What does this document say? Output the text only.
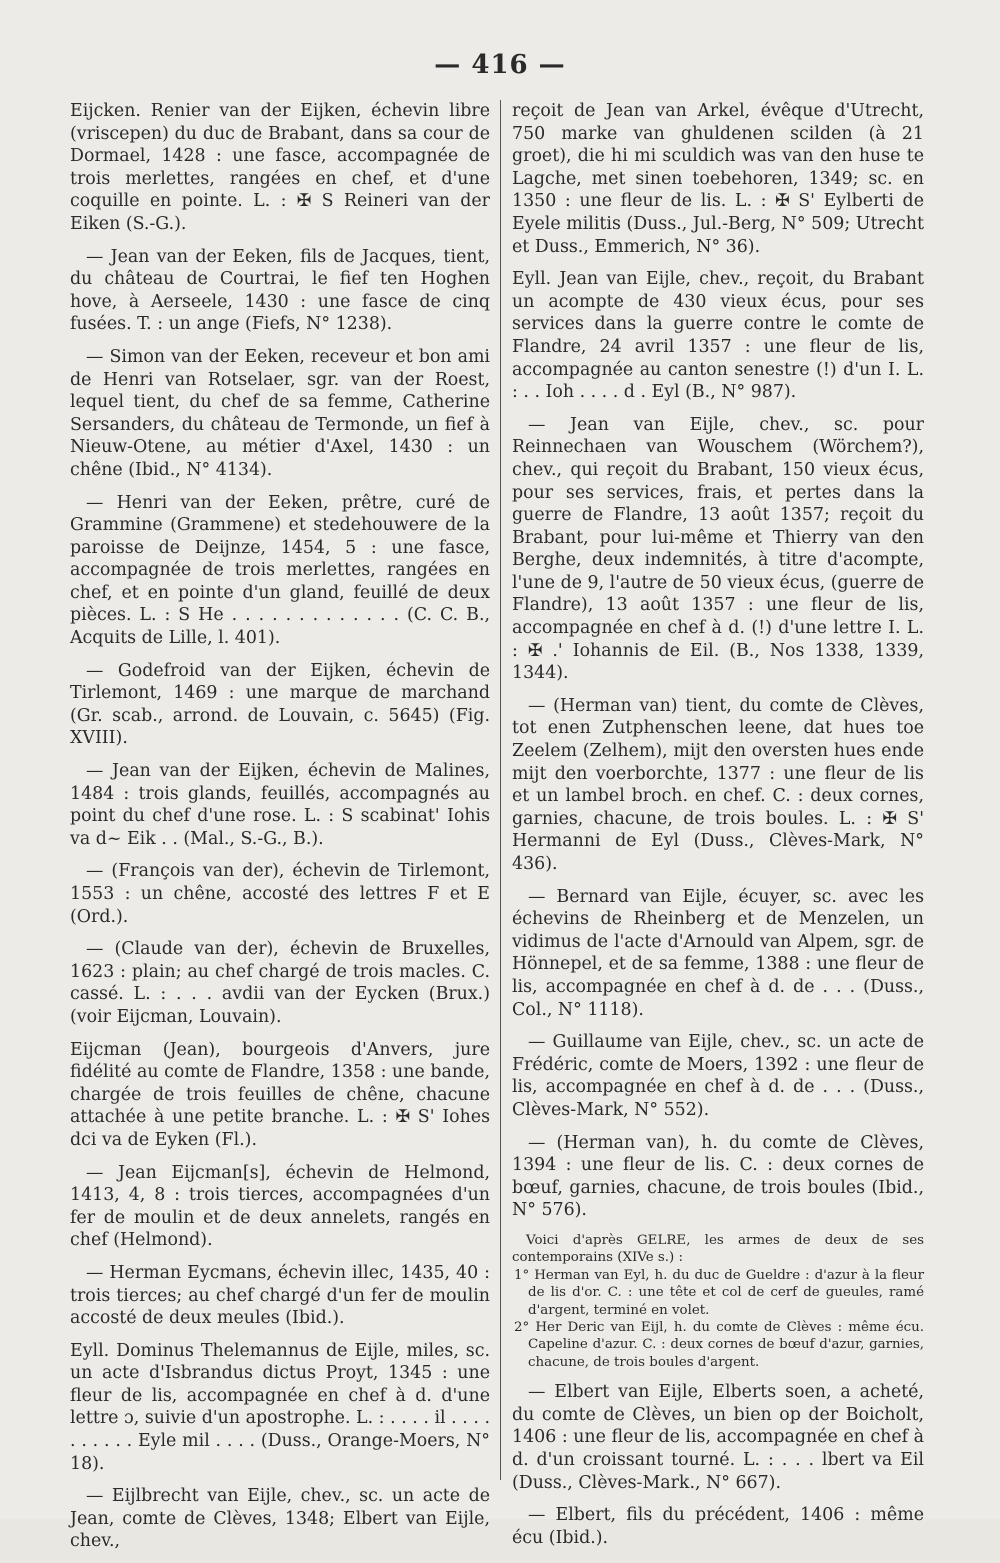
— 416 —

Eijcken. Renier van der Eijken, échevin libre (vriscepen) du duc de Brabant, dans sa cour de Dormael, 1428 : une fasce, accompagnée de trois merlettes, rangées en chef, et d'une coquille en pointe. L. : ✠ S Reineri van der Eiken (S.-G.).

— Jean van der Eeken, fils de Jacques, tient, du château de Courtrai, le fief ten Hoghen hove, à Aerseele, 1430 : une fasce de cinq fusées. T. : un ange (Fiefs, N° 1238).

— Simon van der Eeken, receveur et bon ami de Henri van Rotselaer, sgr. van der Roest, lequel tient, du chef de sa femme, Catherine Sersanders, du château de Termonde, un fief à Nieuw-Otene, au métier d'Axel, 1430 : un chêne (Ibid., N° 4134).

— Henri van der Eeken, prêtre, curé de Grammine (Grammene) et stedehouwere de la paroisse de Deijnze, 1454, 5 : une fasce, accompagnée de trois merlettes, rangées en chef, et en pointe d'un gland, feuillé de deux pièces. L. : S He . . . . . . . . . . . . . (C. C. B., Acquits de Lille, l. 401).

— Godefroid van der Eijken, échevin de Tirlemont, 1469 : une marque de marchand (Gr. scab., arrond. de Louvain, c. 5645) (Fig. XVIII).

— Jean van der Eijken, échevin de Malines, 1484 : trois glands, feuillés, accompagnés au point du chef d'une rose. L. : S scabinat' Iohis va d~ Eik . . (Mal., S.-G., B.).

— (François van der), échevin de Tirlemont, 1553 : un chêne, accosté des lettres F et E (Ord.).

— (Claude van der), échevin de Bruxelles, 1623 : plain; au chef chargé de trois macles. C. cassé. L. : . . . avdii van der Eycken (Brux.) (voir Eijcman, Louvain).

Eijcman (Jean), bourgeois d'Anvers, jure fidélité au comte de Flandre, 1358 : une bande, chargée de trois feuilles de chêne, chacune attachée à une petite branche. L. : ✠ S' Iohes dci va de Eyken (Fl.).

— Jean Eijcman[s], échevin de Helmond, 1413, 4, 8 : trois tierces, accompagnées d'un fer de moulin et de deux annelets, rangés en chef (Helmond).

— Herman Eycmans, échevin illec, 1435, 40 : trois tierces; au chef chargé d'un fer de moulin accosté de deux meules (Ibid.).

Eyll. Dominus Thelemannus de Eijle, miles, sc. un acte d'Isbrandus dictus Proyt, 1345 : une fleur de lis, accompagnée en chef à d. d'une lettre ɔ, suivie d'un apostrophe. L. : . . . . il . . . . . . . . . . Eyle mil . . . . (Duss., Orange-Moers, N° 18).

— Eijlbrecht van Eijle, chev., sc. un acte de Jean, comte de Clèves, 1348; Elbert van Eijle, chev.,

reçoit de Jean van Arkel, évêque d'Utrecht, 750 marke van ghuldenen scilden (à 21 groet), die hi mi sculdich was van den huse te Lagche, met sinen toebehoren, 1349; sc. en 1350 : une fleur de lis. L. : ✠ S' Eylberti de Eyele militis (Duss., Jul.-Berg, N° 509; Utrecht et Duss., Emmerich, N° 36).

Eyll. Jean van Eijle, chev., reçoit, du Brabant un acompte de 430 vieux écus, pour ses services dans la guerre contre le comte de Flandre, 24 avril 1357 : une fleur de lis, accompagnée au canton senestre (!) d'un I. L. : . . Ioh . . . . d . Eyl (B., N° 987).

— Jean van Eijle, chev., sc. pour Reinnechaen van Wouschem (Wörchem?), chev., qui reçoit du Brabant, 150 vieux écus, pour ses services, frais, et pertes dans la guerre de Flandre, 13 août 1357; reçoit du Brabant, pour lui-même et Thierry van den Berghe, deux indemnités, à titre d'acompte, l'une de 9, l'autre de 50 vieux écus, (guerre de Flandre), 13 août 1357 : une fleur de lis, accompagnée en chef à d. (!) d'une lettre I. L. : ✠ .' Iohannis de Eil. (B., Nos 1338, 1339, 1344).

— (Herman van) tient, du comte de Clèves, tot enen Zutphenschen leene, dat hues toe Zeelem (Zelhem), mijt den oversten hues ende mijt den voerborchte, 1377 : une fleur de lis et un lambel broch. en chef. C. : deux cornes, garnies, chacune, de trois boules. L. : ✠ S' Hermanni de Eyl (Duss., Clèves-Mark, N° 436).

— Bernard van Eijle, écuyer, sc. avec les échevins de Rheinberg et de Menzelen, un vidimus de l'acte d'Arnould van Alpem, sgr. de Hönnepel, et de sa femme, 1388 : une fleur de lis, accompagnée en chef à d. de . . . (Duss., Col., N° 1118).

— Guillaume van Eijle, chev., sc. un acte de Frédéric, comte de Moers, 1392 : une fleur de lis, accompagnée en chef à d. de . . . (Duss., Clèves-Mark, N° 552).

— (Herman van), h. du comte de Clèves, 1394 : une fleur de lis. C. : deux cornes de bœuf, garnies, chacune, de trois boules (Ibid., N° 576).

Voici d'après GELRE, les armes de deux de ses contemporains (XIVe s.) :

1° Herman van Eyl, h. du duc de Gueldre : d'azur à la fleur de lis d'or. C. : une tête et col de cerf de gueules, ramé d'argent, terminé en volet.

2° Her Deric van Eijl, h. du comte de Clèves : même écu. Capeline d'azur. C. : deux cornes de bœuf d'azur, garnies, chacune, de trois boules d'argent.

— Elbert van Eijle, Elberts soen, a acheté, du comte de Clèves, un bien op der Boicholt, 1406 : une fleur de lis, accompagnée en chef à d. d'un croissant tourné. L. : . . . lbert va Eil (Duss., Clèves-Mark., N° 667).

— Elbert, fils du précédent, 1406 : même écu (Ibid.).
